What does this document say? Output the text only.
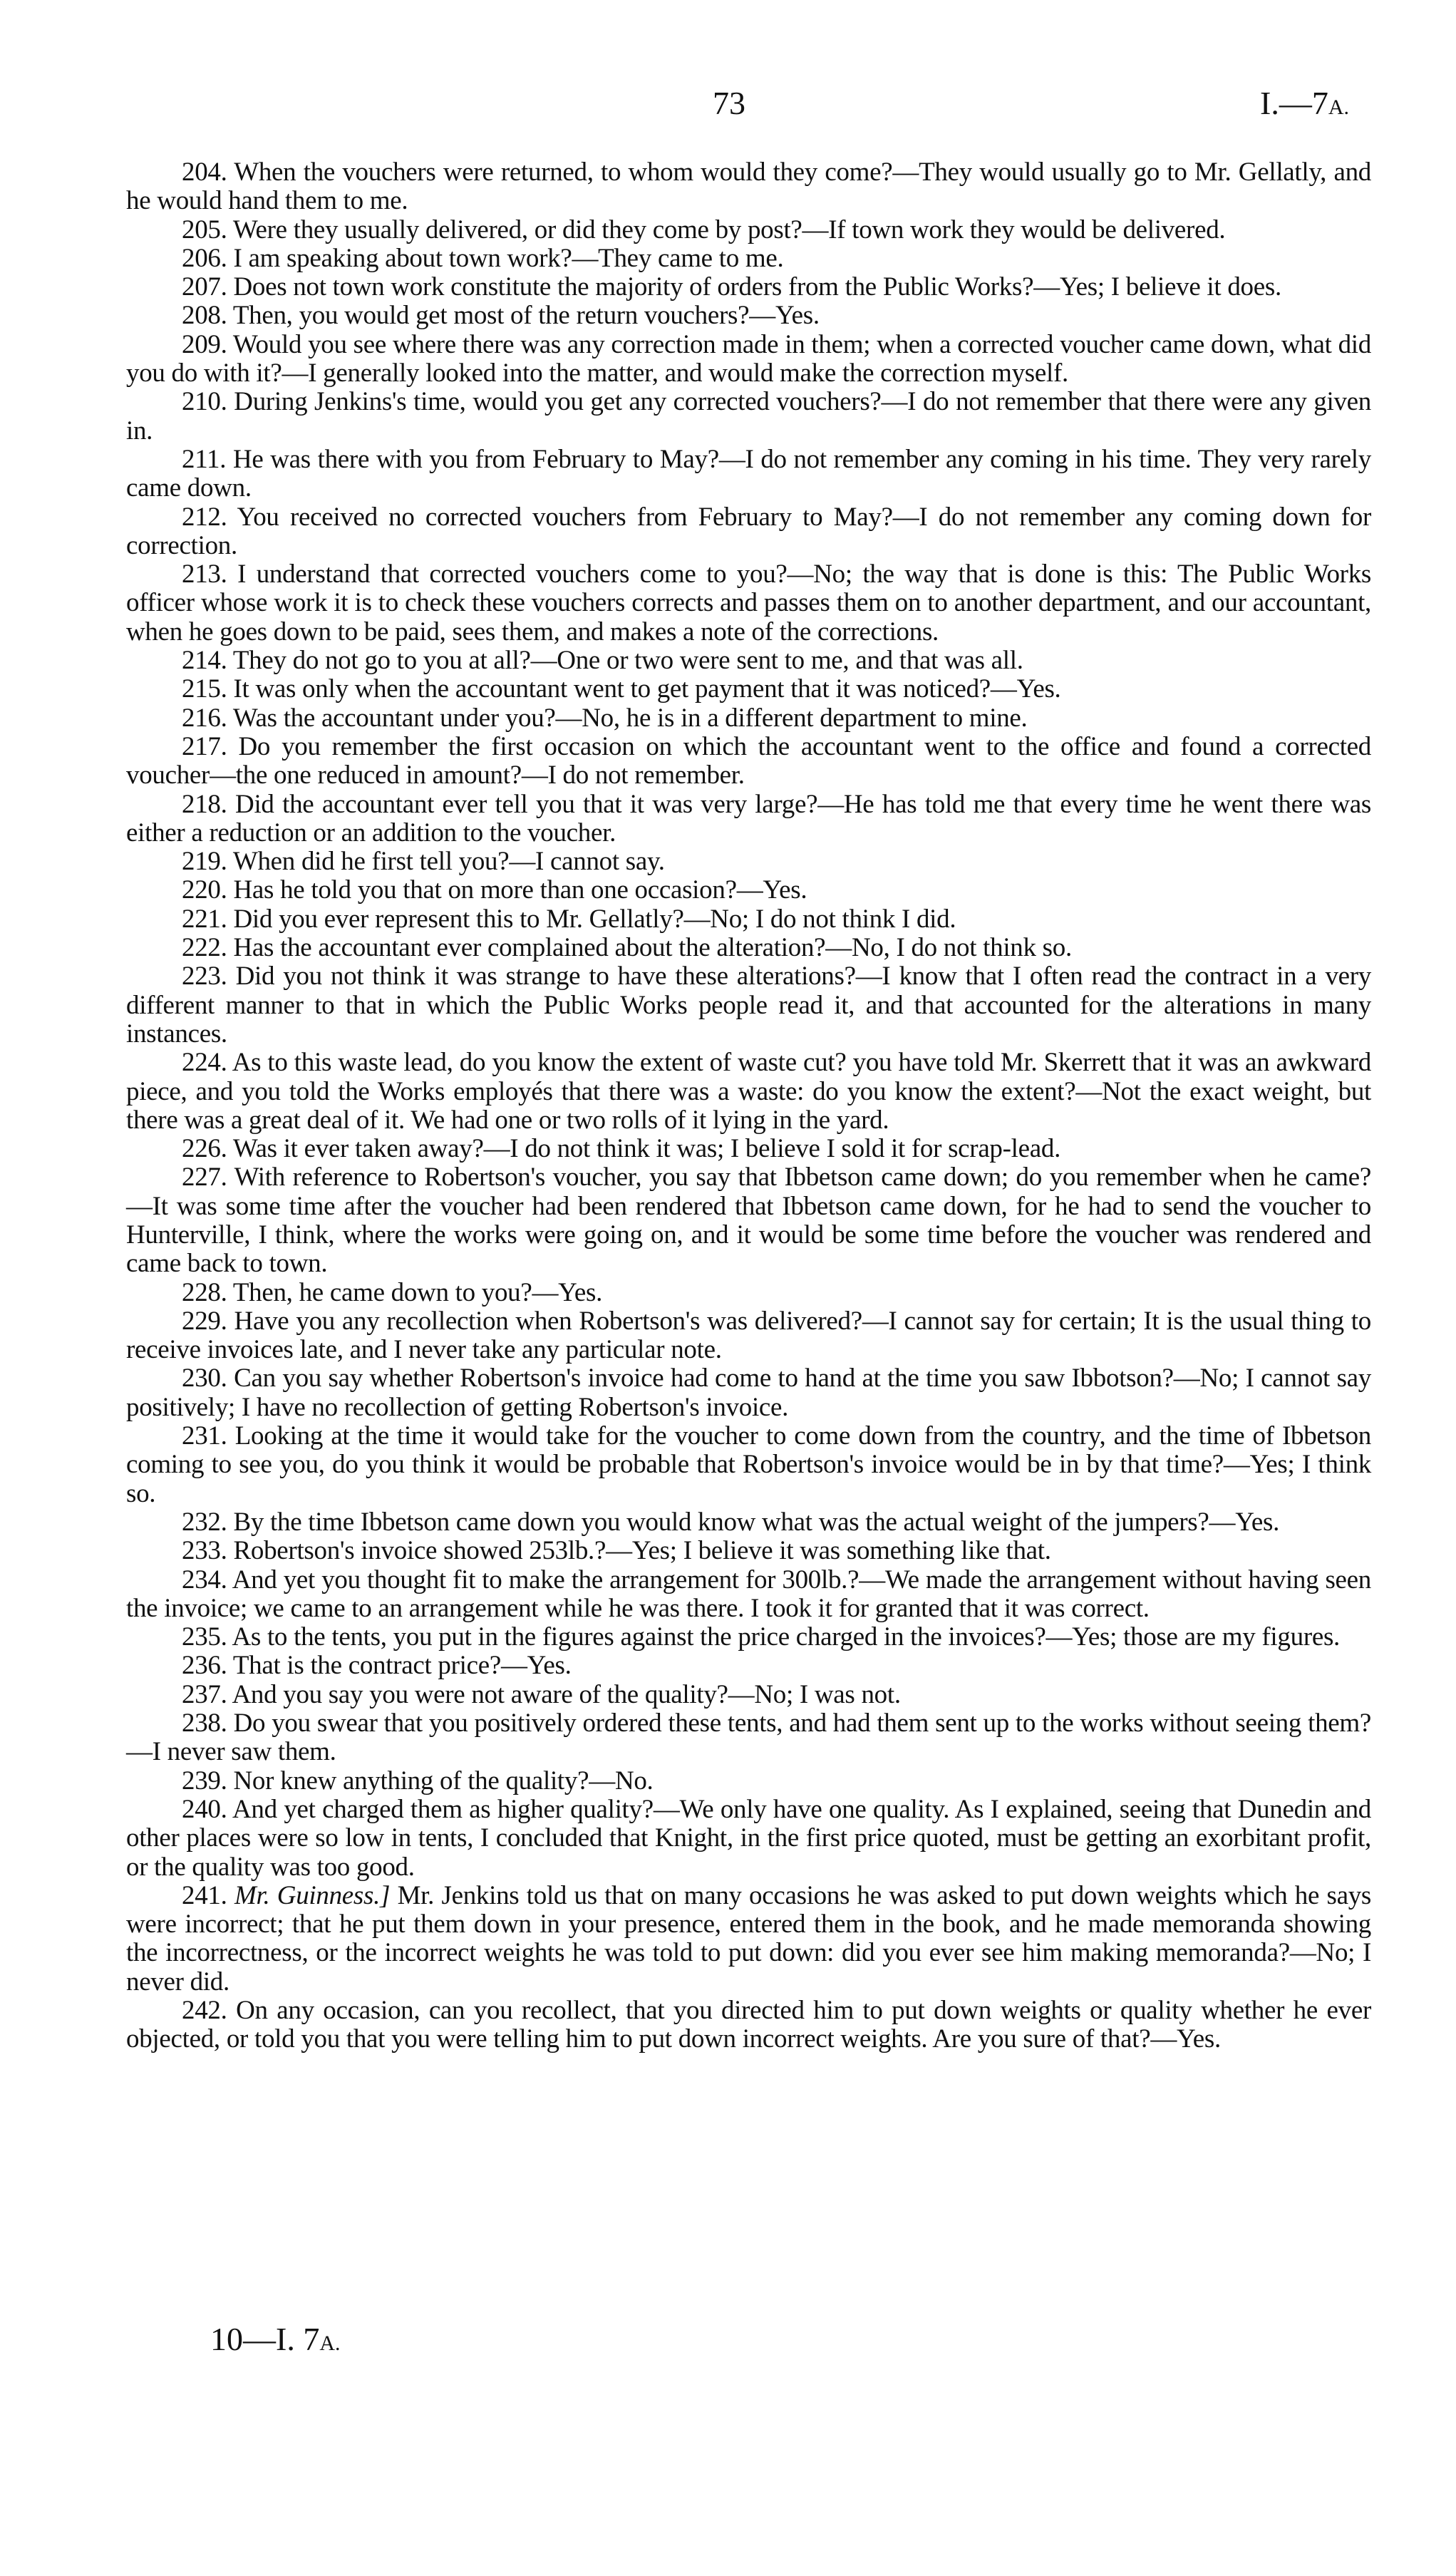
73	I.—7A.

204. When the vouchers were returned, to whom would they come?—They would usually go to Mr. Gellatly, and he would hand them to me.

205. Were they usually delivered, or did they come by post?—If town work they would be delivered.

206. I am speaking about town work?—They came to me.

207. Does not town work constitute the majority of orders from the Public Works?—Yes; I believe it does.

208. Then, you would get most of the return vouchers?—Yes.

209. Would you see where there was any correction made in them; when a corrected voucher came down, what did you do with it?—I generally looked into the matter, and would make the correction myself.

210. During Jenkins's time, would you get any corrected vouchers?—I do not remember that there were any given in.

211. He was there with you from February to May?—I do not remember any coming in his time. They very rarely came down.

212. You received no corrected vouchers from February to May?—I do not remember any coming down for correction.

213. I understand that corrected vouchers come to you?—No; the way that is done is this: The Public Works officer whose work it is to check these vouchers corrects and passes them on to another department, and our accountant, when he goes down to be paid, sees them, and makes a note of the corrections.

214. They do not go to you at all?—One or two were sent to me, and that was all.

215. It was only when the accountant went to get payment that it was noticed?—Yes.

216. Was the accountant under you?—No, he is in a different department to mine.

217. Do you remember the first occasion on which the accountant went to the office and found a corrected voucher—the one reduced in amount?—I do not remember.

218. Did the accountant ever tell you that it was very large?—He has told me that every time he went there was either a reduction or an addition to the voucher.

219. When did he first tell you?—I cannot say.

220. Has he told you that on more than one occasion?—Yes.

221. Did you ever represent this to Mr. Gellatly?—No; I do not think I did.

222. Has the accountant ever complained about the alteration?—No, I do not think so.

223. Did you not think it was strange to have these alterations?—I know that I often read the contract in a very different manner to that in which the Public Works people read it, and that accounted for the alterations in many instances.

224. As to this waste lead, do you know the extent of waste cut? you have told Mr. Skerrett that it was an awkward piece, and you told the Works employés that there was a waste: do you know the extent?—Not the exact weight, but there was a great deal of it. We had one or two rolls of it lying in the yard.

226. Was it ever taken away?—I do not think it was; I believe I sold it for scrap-lead.

227. With reference to Robertson's voucher, you say that Ibbetson came down; do you remember when he came?—It was some time after the voucher had been rendered that Ibbetson came down, for he had to send the voucher to Hunterville, I think, where the works were going on, and it would be some time before the voucher was rendered and came back to town.

228. Then, he came down to you?—Yes.

229. Have you any recollection when Robertson's was delivered?—I cannot say for certain; It is the usual thing to receive invoices late, and I never take any particular note.

230. Can you say whether Robertson's invoice had come to hand at the time you saw Ibbotson?—No; I cannot say positively; I have no recollection of getting Robertson's invoice.

231. Looking at the time it would take for the voucher to come down from the country, and the time of Ibbetson coming to see you, do you think it would be probable that Robertson's invoice would be in by that time?—Yes; I think so.

232. By the time Ibbetson came down you would know what was the actual weight of the jumpers?—Yes.

233. Robertson's invoice showed 253lb.?—Yes; I believe it was something like that.

234. And yet you thought fit to make the arrangement for 300lb.?—We made the arrangement without having seen the invoice; we came to an arrangement while he was there. I took it for granted that it was correct.

235. As to the tents, you put in the figures against the price charged in the invoices?—Yes; those are my figures.

236. That is the contract price?—Yes.

237. And you say you were not aware of the quality?—No; I was not.

238. Do you swear that you positively ordered these tents, and had them sent up to the works without seeing them?—I never saw them.

239. Nor knew anything of the quality?—No.

240. And yet charged them as higher quality?—We only have one quality. As I explained, seeing that Dunedin and other places were so low in tents, I concluded that Knight, in the first price quoted, must be getting an exorbitant profit, or the quality was too good.

241. Mr. Guinness.] Mr. Jenkins told us that on many occasions he was asked to put down weights which he says were incorrect; that he put them down in your presence, entered them in the book, and he made memoranda showing the incorrectness, or the incorrect weights he was told to put down: did you ever see him making memoranda?—No; I never did.

242. On any occasion, can you recollect, that you directed him to put down weights or quality whether he ever objected, or told you that you were telling him to put down incorrect weights. Are you sure of that?—Yes.

10—I. 7A.
